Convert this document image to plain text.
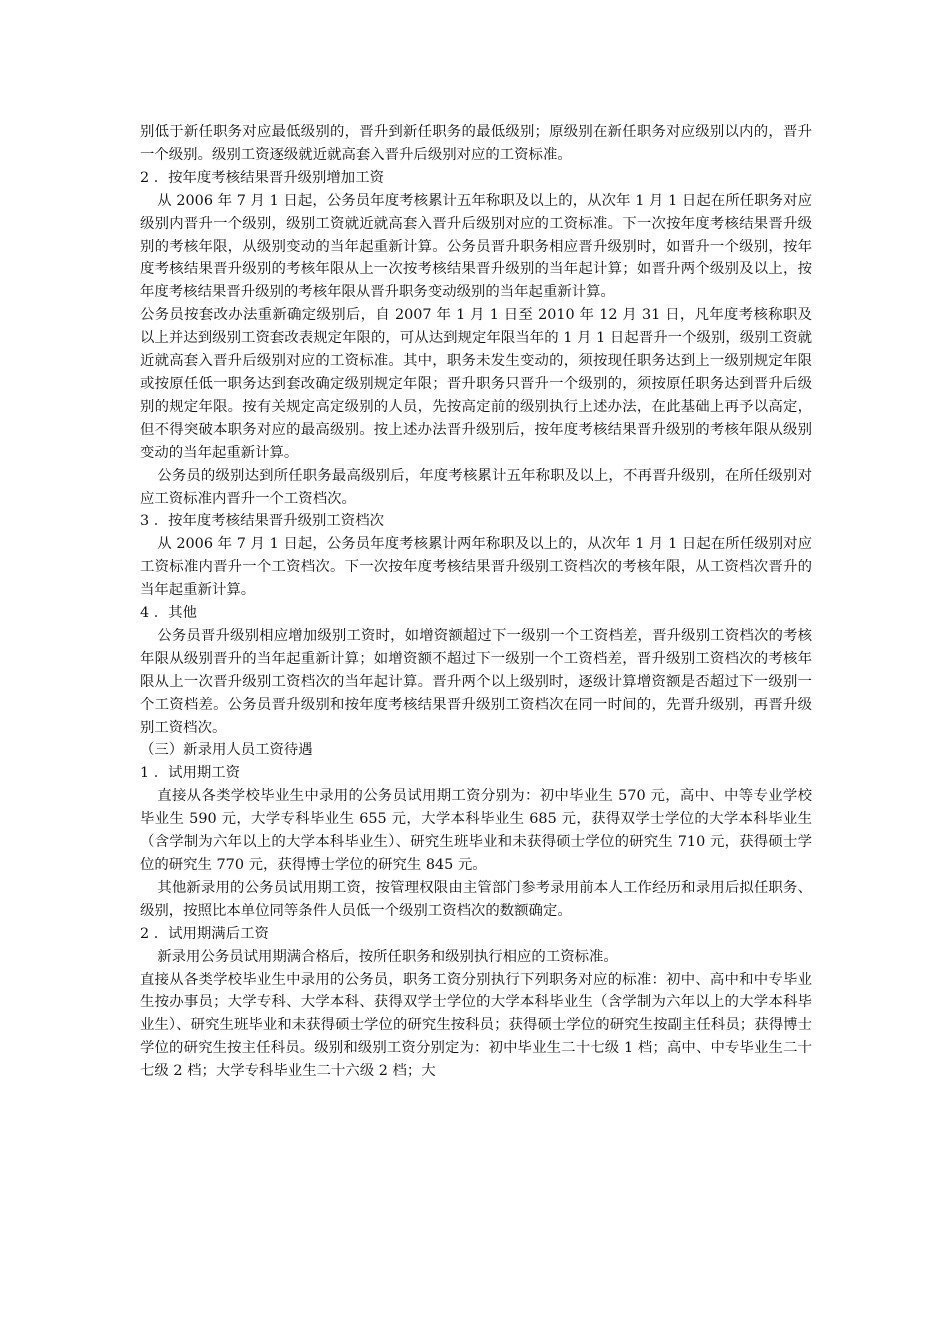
别低于新任职务对应最低级别的，晋升到新任职务的最低级别；原级别在新任职务对应级别以内的，晋升一个级别。级别工资逐级就近就高套入晋升后级别对应的工资标准。

2 ．按年度考核结果晋升级别增加工资

从 2006 年 7 月 1 日起，公务员年度考核累计五年称职及以上的，从次年 1 月 1 日起在所任职务对应级别内晋升一个级别，级别工资就近就高套入晋升后级别对应的工资标准。下一次按年度考核结果晋升级别的考核年限，从级别变动的当年起重新计算。公务员晋升职务相应晋升级别时，如晋升一个级别，按年度考核结果晋升级别的考核年限从上一次按考核结果晋升级别的当年起计算；如晋升两个级别及以上，按年度考核结果晋升级别的考核年限从晋升职务变动级别的当年起重新计算。

公务员按套改办法重新确定级别后，自 2007 年 1 月 1 日至 2010 年 12 月 31 日，凡年度考核称职及以上并达到级别工资套改表规定年限的，可从达到规定年限当年的 1 月 1 日起晋升一个级别，级别工资就近就高套入晋升后级别对应的工资标准。其中，职务未发生变动的，须按现任职务达到上一级别规定年限或按原任低一职务达到套改确定级别规定年限；晋升职务只晋升一个级别的，须按原任职务达到晋升后级别的规定年限。按有关规定高定级别的人员，先按高定前的级别执行上述办法，在此基础上再予以高定，但不得突破本职务对应的最高级别。按上述办法晋升级别后，按年度考核结果晋升级别的考核年限从级别变动的当年起重新计算。

公务员的级别达到所任职务最高级别后，年度考核累计五年称职及以上，不再晋升级别，在所任级别对应工资标准内晋升一个工资档次。

3 ．按年度考核结果晋升级别工资档次

从 2006 年 7 月 1 日起，公务员年度考核累计两年称职及以上的，从次年 1 月 1 日起在所任级别对应工资标准内晋升一个工资档次。下一次按年度考核结果晋升级别工资档次的考核年限，从工资档次晋升的当年起重新计算。

4 ．其他

公务员晋升级别相应增加级别工资时，如增资额超过下一级别一个工资档差，晋升级别工资档次的考核年限从级别晋升的当年起重新计算；如增资额不超过下一级别一个工资档差，晋升级别工资档次的考核年限从上一次晋升级别工资档次的当年起计算。晋升两个以上级别时，逐级计算增资额是否超过下一级别一个工资档差。公务员晋升级别和按年度考核结果晋升级别工资档次在同一时间的，先晋升级别，再晋升级别工资档次。

（三）新录用人员工资待遇

1 ．试用期工资

直接从各类学校毕业生中录用的公务员试用期工资分别为：初中毕业生 570 元，高中、中等专业学校毕业生 590 元，大学专科毕业生 655 元，大学本科毕业生 685 元，获得双学士学位的大学本科毕业生（含学制为六年以上的大学本科毕业生）、研究生班毕业和未获得硕士学位的研究生 710 元，获得硕士学位的研究生 770 元，获得博士学位的研究生 845 元。

其他新录用的公务员试用期工资，按管理权限由主管部门参考录用前本人工作经历和录用后拟任职务、级别，按照比本单位同等条件人员低一个级别工资档次的数额确定。

2 ．试用期满后工资

新录用公务员试用期满合格后，按所任职务和级别执行相应的工资标准。

直接从各类学校毕业生中录用的公务员，职务工资分别执行下列职务对应的标准：初中、高中和中专毕业生按办事员；大学专科、大学本科、获得双学士学位的大学本科毕业生（含学制为六年以上的大学本科毕业生）、研究生班毕业和未获得硕士学位的研究生按科员；获得硕士学位的研究生按副主任科员；获得博士学位的研究生按主任科员。级别和级别工资分别定为：初中毕业生二十七级 1 档；高中、中专毕业生二十七级 2 档；大学专科毕业生二十六级 2 档；大
